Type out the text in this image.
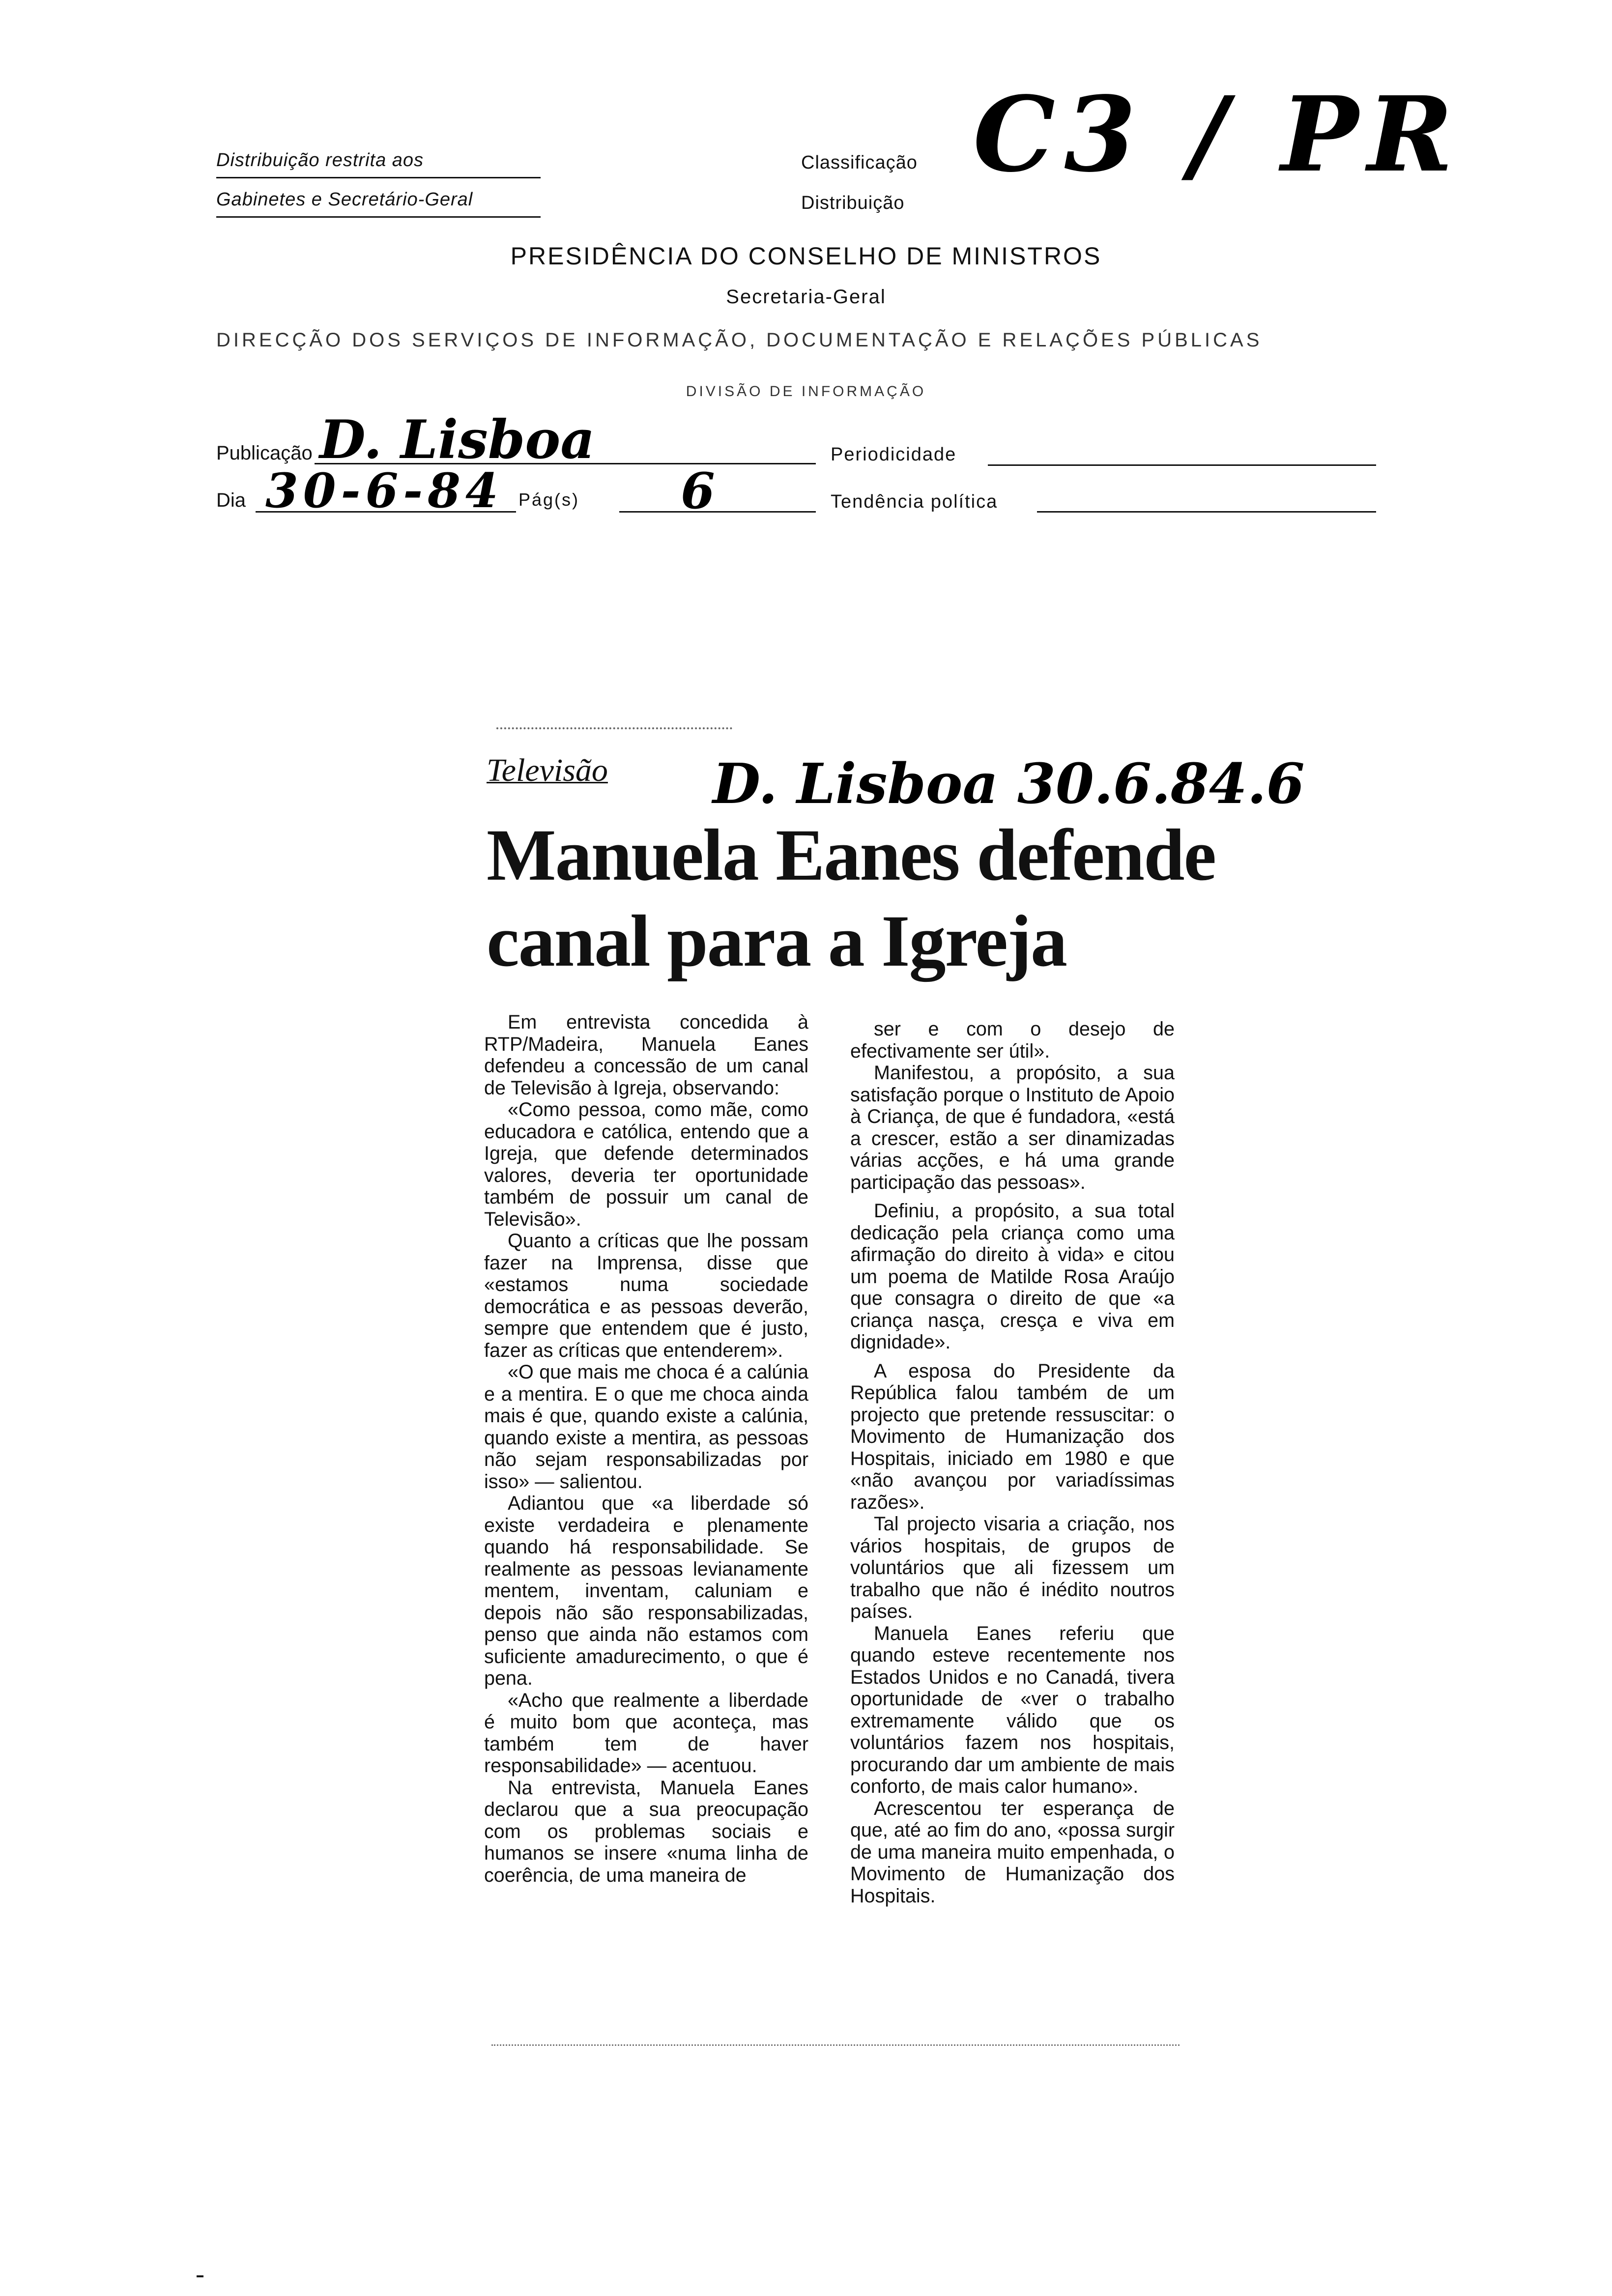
Distribuição restrita aos
Gabinetes e Secretário-Geral
Classificação
Distribuição
C3 / PR
PRESIDÊNCIA DO CONSELHO DE MINISTROS
Secretaria-Geral
DIRECÇÃO DOS SERVIÇOS DE INFORMAÇÃO, DOCUMENTAÇÃO E RELAÇÕES PÚBLICAS
DIVISÃO DE INFORMAÇÃO
Publicação D. Lisboa	Periodicidade
Dia 30-6-84 Pág(s) 6	Tendência política
Televisão D. Lisboa 30.6.84.6
Manuela Eanes defende
canal para a Igreja

Em entrevista concedida à RTP/Madeira, Manuela Eanes defendeu a concessão de um canal de Televisão à Igreja, observando:

«Como pessoa, como mãe, como educadora e católica, entendo que a Igreja, que defende determinados valores, deveria ter oportunidade também de possuir um canal de Televisão».

Quanto a críticas que lhe possam fazer na Imprensa, disse que «estamos numa sociedade democrática e as pessoas deverão, sempre que entendem que é justo, fazer as críticas que entenderem».

«O que mais me choca é a calúnia e a mentira. E o que me choca ainda mais é que, quando existe a calúnia, quando existe a mentira, as pessoas não sejam responsabilizadas por isso» — salientou.

Adiantou que «a liberdade só existe verdadeira e plenamente quando há responsabilidade. Se realmente as pessoas levianamente mentem, inventam, caluniam e depois não são responsabilizadas, penso que ainda não estamos com suficiente amadurecimento, o que é pena.

«Acho que realmente a liberdade é muito bom que aconteça, mas também tem de haver responsabilidade» — acentuou.

Na entrevista, Manuela Eanes declarou que a sua preocupação com os problemas sociais e humanos se insere «numa linha de coerência, de uma maneira de

ser e com o desejo de efectivamente ser útil».

Manifestou, a propósito, a sua satisfação porque o Instituto de Apoio à Criança, de que é fundadora, «está a crescer, estão a ser dinamizadas várias acções, e há uma grande participação das pessoas».

Definiu, a propósito, a sua total dedicação pela criança como uma afirmação do direito à vida» e citou um poema de Matilde Rosa Araújo que consagra o direito de que «a criança nasça, cresça e viva em dignidade».

A esposa do Presidente da República falou também de um projecto que pretende ressuscitar: o Movimento de Humanização dos Hospitais, iniciado em 1980 e que «não avançou por variadíssimas razões».

Tal projecto visaria a criação, nos vários hospitais, de grupos de voluntários que ali fizessem um trabalho que não é inédito noutros países.

Manuela Eanes referiu que quando esteve recentemente nos Estados Unidos e no Canadá, tivera oportunidade de «ver o trabalho extremamente válido que os voluntários fazem nos hospitais, procurando dar um ambiente de mais conforto, de mais calor humano».

Acrescentou ter esperança de que, até ao fim do ano, «possa surgir de uma maneira muito empenhada, o Movimento de Humanização dos Hospitais.
